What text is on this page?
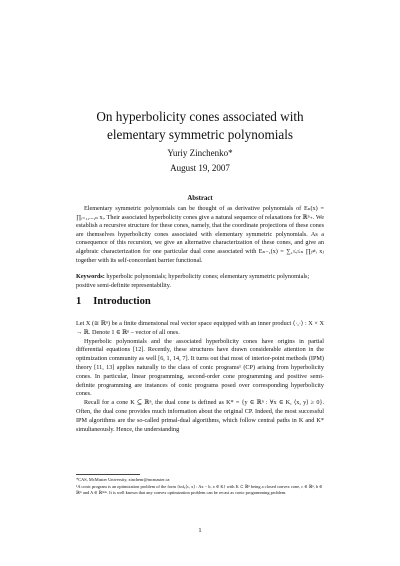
On hyperbolicity cones associated with
elementary symmetric polynomials
Yuriy Zinchenko*
August 19, 2007
Abstract

Elementary symmetric polynomials can be thought of as derivative polynomials of Eₙ(x) = ∏ᵢ₌₁,...,ₙ xᵢ. Their associated hyperbolicity cones give a natural sequence of relaxations for ℝⁿ₊. We establish a recursive structure for these cones, namely, that the coordinate projections of these cones are themselves hyperbolicity cones associated with elementary symmetric polynomials. As a consequence of this recursion, we give an alternative characterization of these cones, and give an algebraic characterization for one particular dual cone associated with Eₙ₋₁(x) = ∑₁≤ᵢ≤ₙ ∏ⱼ≠ᵢ xⱼ together with its self-concordant barrier functional.

Keywords: hyperbolic polynomials; hyperbolicity cones; elementary symmetric polynomials; positive semi-definite representability.
1 Introduction

Let X (≅ ℝⁿ) be a finite dimensional real vector space equipped with an inner product ⟨·,·⟩ : X × X → ℝ. Denote 1 ∈ ℝⁿ – vector of all ones.

Hyperbolic polynomials and the associated hyperbolicity cones have origins in partial differential equations [12]. Recently, these structures have drawn considerable attention in the optimization community as well [6, 1, 14, 7]. It turns out that most of interior-point methods (IPM) theory [11, 13] applies naturally to the class of conic programs¹ (CP) arising from hyperbolicity cones. In particular, linear programming, second-order cone programming and positive semi-definite programming are instances of conic programs posed over corresponding hyperbolicity cones.

Recall for a cone K ⊆ ℝⁿ, the dual cone is defined as K* = {y ∈ ℝⁿ : ∀x ∈ K, ⟨x, y⟩ ≥ 0}. Often, the dual cone provides much information about the original CP. Indeed, the most successful IPM algorithms are the so-called primal-dual algorithms, which follow central paths in K and K* simultaneously. Hence, the understanding

*CAS, McMaster University, zinchenr@mcmaster.ca
¹A conic program is an optimization problem of the form {infₓ⟨c, x⟩ : Ax − b, x ∈ K} with K ⊂ ℝⁿ being a closed convex cone, c ∈ ℝⁿ, b ∈ ℝᵐ and A ∈ ℝᵐˣⁿ. It is well known that any convex optimization problem can be recast as conic programming problem.
1
